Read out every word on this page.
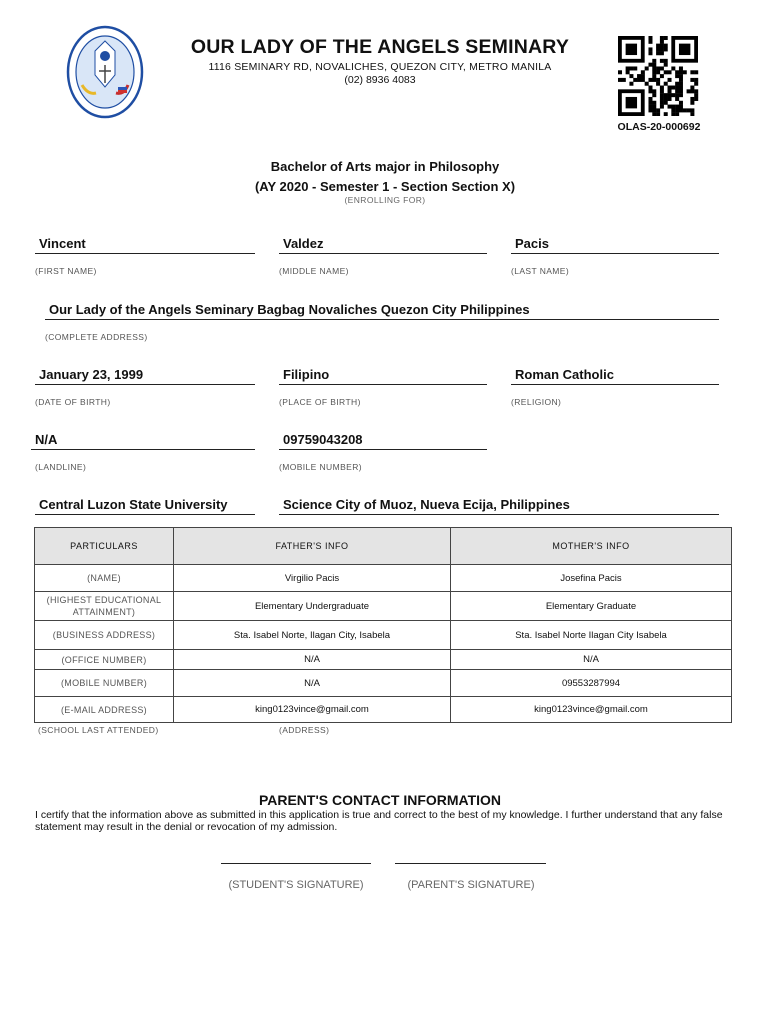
OUR LADY OF THE ANGELS SEMINARY
1116 SEMINARY RD, NOVALICHES, QUEZON CITY, METRO MANILA
(02) 8936 4083
OLAS-20-000692
Bachelor of Arts major in Philosophy
(AY 2020 - Semester 1 - Section Section X)
(ENROLLING FOR)
Vincent	Valdez	Pacis
(FIRST NAME)	(MIDDLE NAME)	(LAST NAME)
Our Lady of the Angels Seminary Bagbag Novaliches Quezon City Philippines
(COMPLETE ADDRESS)
January 23, 1999	Filipino	Roman Catholic
(DATE OF BIRTH)	(PLACE OF BIRTH)	(RELIGION)
N/A	09759043208
(LANDLINE)	(MOBILE NUMBER)
Central Luzon State University	Science City of Muoz, Nueva Ecija, Philippines
PARTICULARS	FATHER'S INFO	MOTHER'S INFO
(NAME)	Virgilio Pacis	Josefina Pacis
(HIGHEST EDUCATIONAL ATTAINMENT)	Elementary Undergraduate	Elementary Graduate
(BUSINESS ADDRESS)	Sta. Isabel Norte, Ilagan City, Isabela	Sta. Isabel Norte Ilagan City Isabela
(OFFICE NUMBER)	N/A	N/A
(MOBILE NUMBER)	N/A	09553287994
(E-MAIL ADDRESS)	king0123vince@gmail.com	king0123vince@gmail.com
(SCHOOL LAST ATTENDED)	(ADDRESS)
PARENT'S CONTACT INFORMATION
I certify that the information above as submitted in this application is true and correct to the best of my knowledge. I further understand that any false statement may result in the denial or revocation of my admission.
(STUDENT'S SIGNATURE)	(PARENT'S SIGNATURE)
